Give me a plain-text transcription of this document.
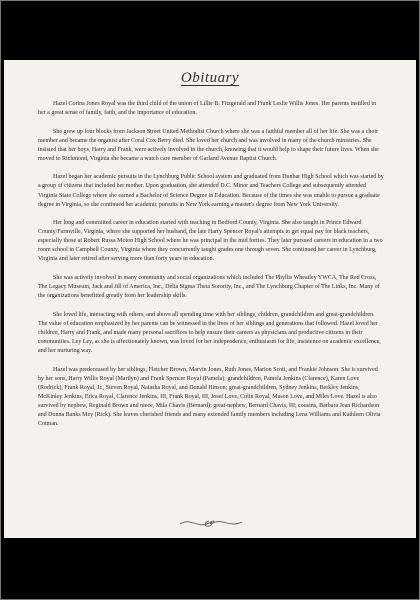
Obituary

Hazel Corina Jones Royal was the third child of the union of Lillie B. Fitzgerald and Frank Leslie Willis Jones. Her parents instilled in her a great sense of family, faith, and the importance of education.

She grew up four blocks from Jackson Street United Methodist Church where she was a faithful member all of her life. She was a choir member and became the organist after Coral Cox Berry died. She loved her church and was involved in many of the church ministries. She insisted that her boys, Harry and Frank, were actively involved in the church, knowing that it would help to shape their future lives. When she moved to Richmond, Virginia she became a watch care member of Garland Avenue Baptist Church.

Hazel began her academic pursuits in the Lynchburg Public School system and graduated from Dunbar High School which was started by a group of citizens that included her mother. Upon graduation, she attended D.C. Minor and Teachers College and subsequently attended Virginia State College where she earned a Bachelor of Science Degree in Education. Because of the times she was unable to pursue a graduate degree in Virginia, so she continued her academic pursuits in New York earning a master's degree from New York University.

Her long and committed career in education started with teaching in Bedford County, Virginia. She also taught in Prince Edward County/Farmville, Virginia, where she supported her husband, the late Harry Spencer Royal's attempts to get equal pay for black teachers, especially those at Robert Russa Moton High School where he was principal in the mid forties. They later pursued careers in education in a two room school in Campbell County, Virginia where they concurrently taught grades one through seven. She continued her career in Lynchburg, Virginia and later retired after serving more than forty years in education.

She was actively involved in many community and social organizations which included The Phyllis Wheatley YWCA, The Red Cross, The Legacy Museum, Jack and Jill of America, Inc., Delta Sigma Theta Sorority, Inc., and The Lynchburg Chapter of The Links, Inc. Many of the organizations benefitted greatly from her leadership skills.

She loved life, interacting with others, and above all spending time with her siblings, children, grandchildren and great-grandchildren. The value of education emphasized by her parents can be witnessed in the lives of her siblings and generations that followed. Hazel loved her children, Harry and Frank, and made many personal sacrifices to help ensure their careers as physicians and productive citizens in their communities. Ley Ley, as she is affectionately known, was loved for her independence, enthusiasm for life, insistence on academic excellence, and her nurturing way.

Hazel was predeceased by her siblings, Fletcher Brown, Marvin Jones, Ruth Jones, Marion Scott, and Frankie Johnson. She is survived by her sons, Harry Willis Royal (Marilyn) and Frank Spencer Royal (Pamela); grandchildren, Pamela Jenkins (Clarence), Karen Love (Rodrick), Frank Royal, Jr., Steven Royal, Natasha Royal, and Donald Hinson; great-grandchildren, Sydney Jenkins, Berkley Jenkins, McKinley Jenkins, Erica Royal, Clarence Jenkins, III, Frank Royal, III, Josef Love, Colin Royal, Mason Love, and Miles Love. Hazel is also survived by nephew, Reginald Brown and niece, Mila Chavis (Bernard); great-nephew, Bernard Chavis, III; cousins, Barbara Jean Richardson and Donna Banks Mey (Rick). She leaves cherished friends and many extended family members including Lena Williams and Kathleen Olivia Cotman.
